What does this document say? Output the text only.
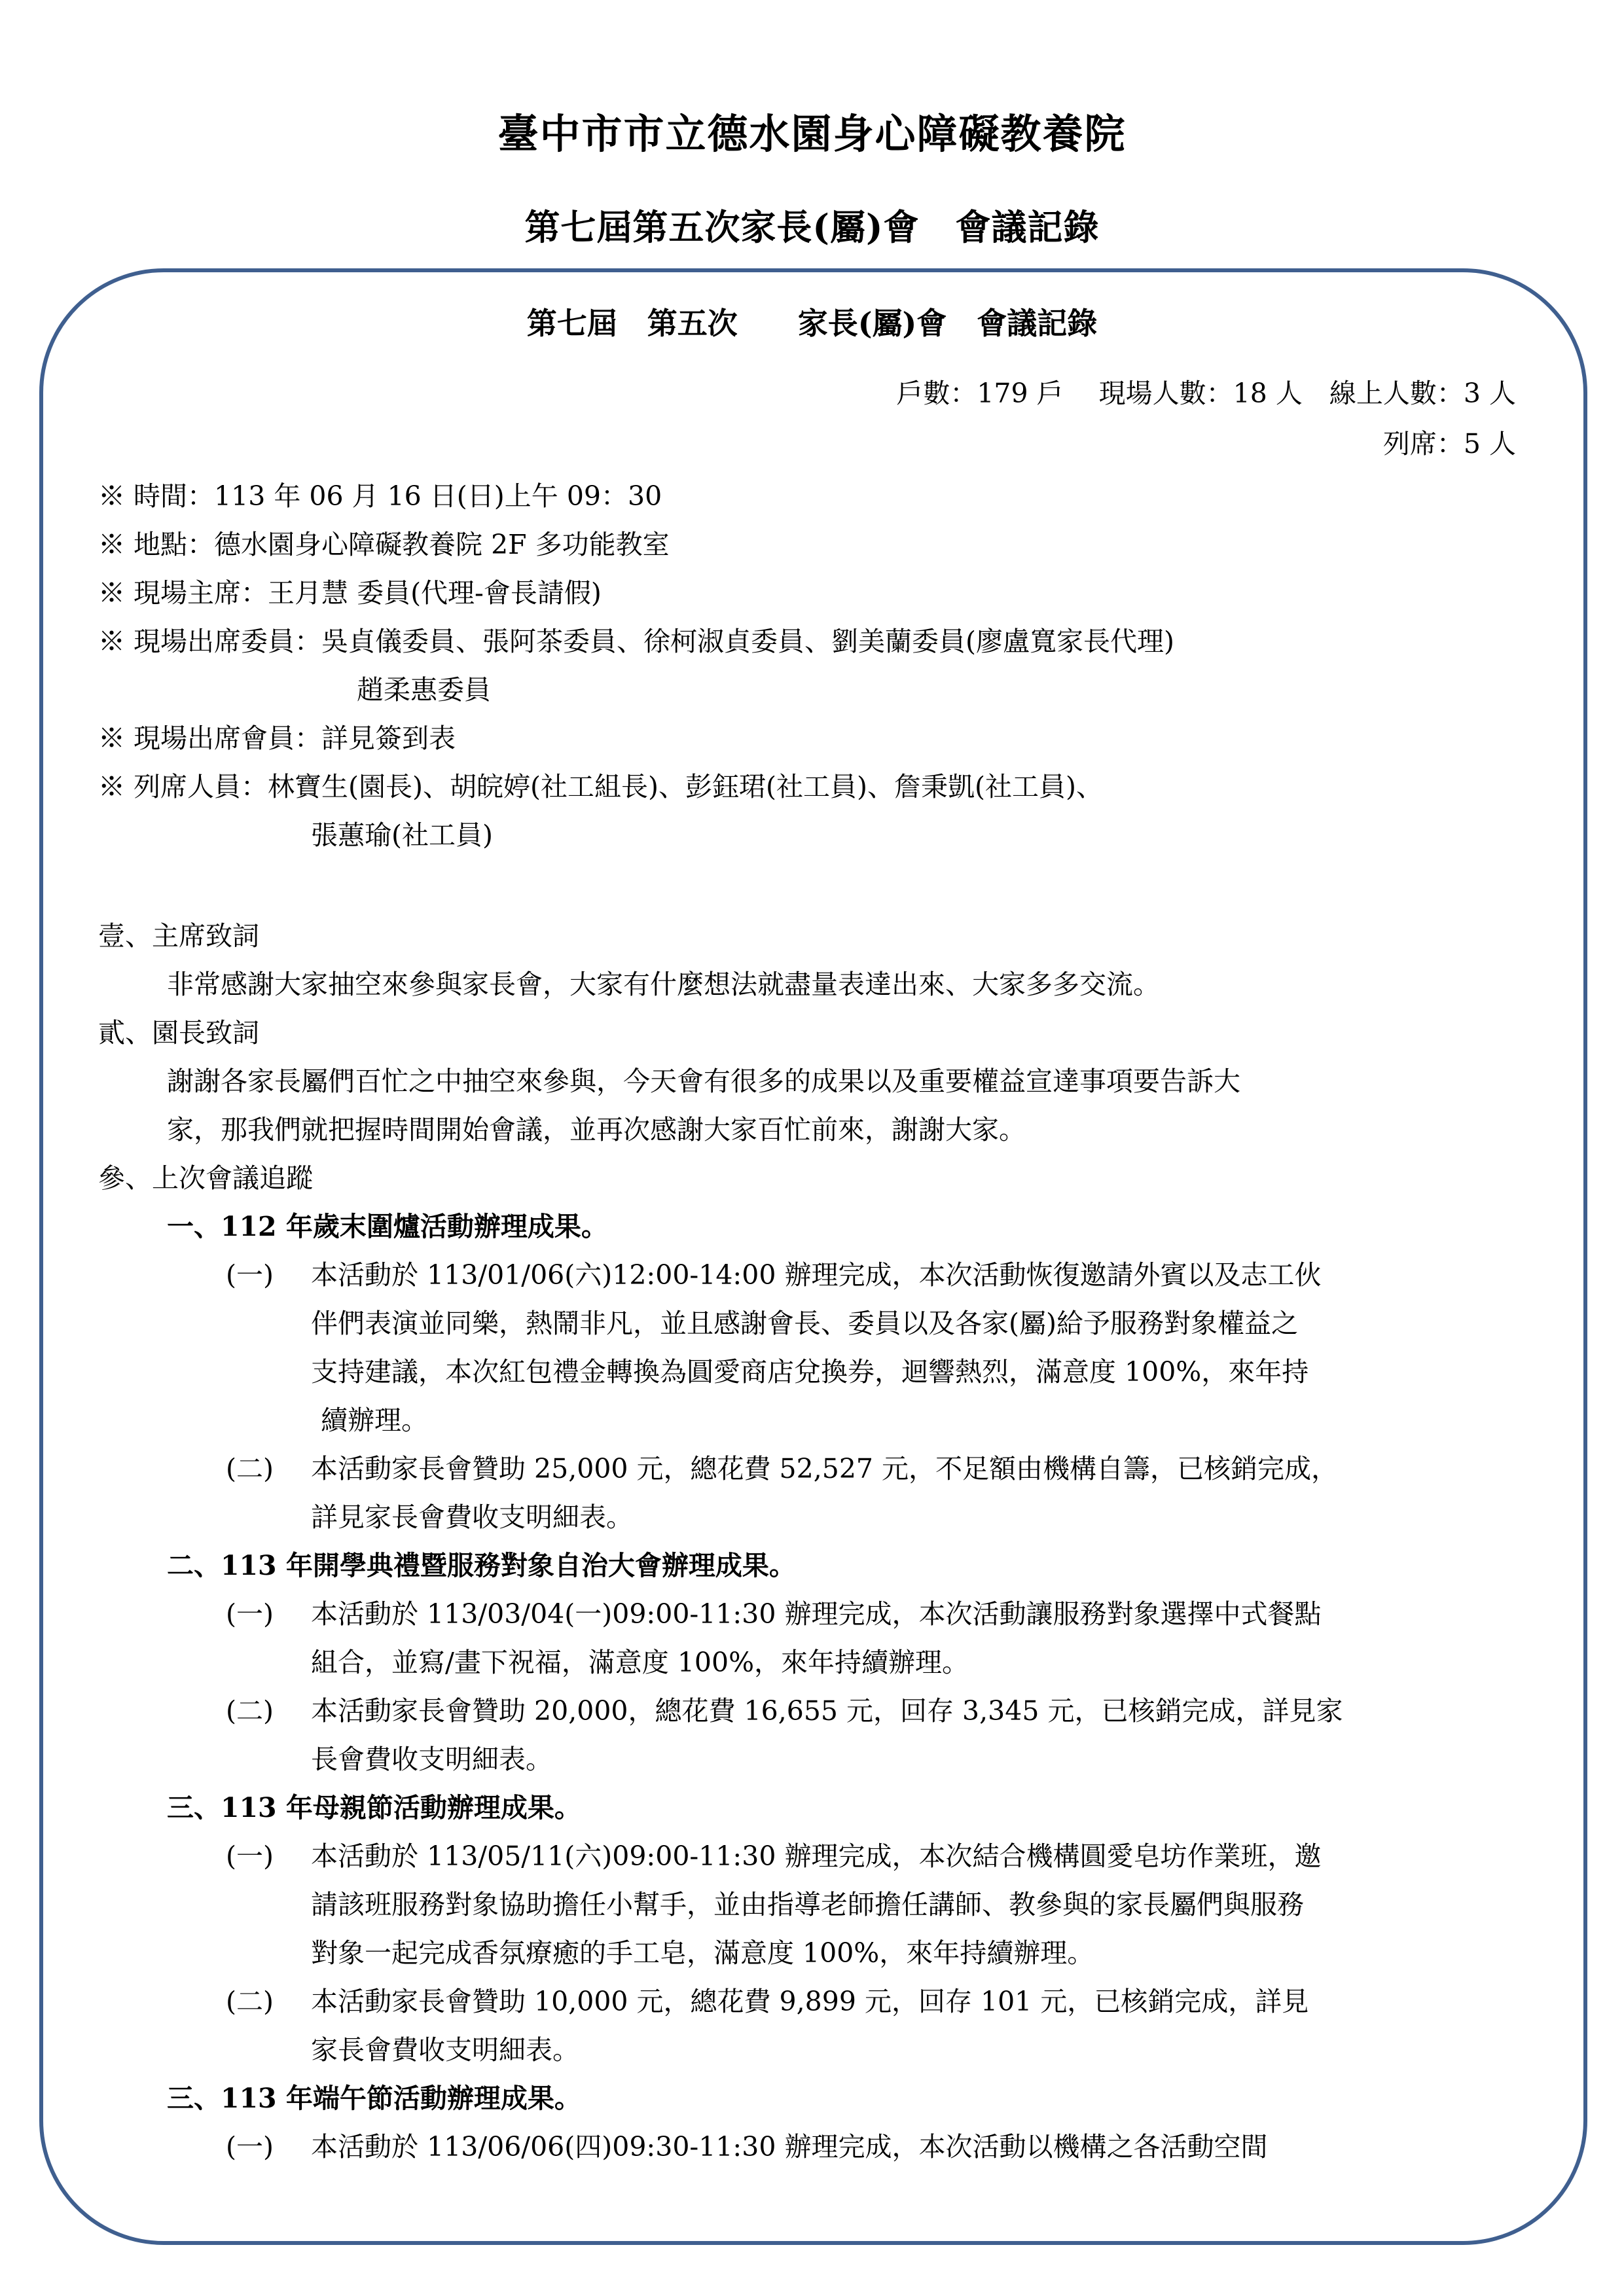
臺中市市立德水園身心障礙教養院
第七屆第五次家長(屬)會　會議記錄
第七屆　第五次　　家長(屬)會　會議記錄
戶數：179 戶　 現場人數：18 人　線上人數：3 人
列席：5 人
※ 時間：113 年 06 月 16 日(日)上午 09：30
※ 地點：德水園身心障礙教養院 2F 多功能教室
※ 現場主席：王月慧 委員(代理-會長請假)
※ 現場出席委員：吳貞儀委員、張阿茶委員、徐柯淑貞委員、劉美蘭委員(廖盧寬家長代理)
趙柔惠委員
※ 現場出席會員：詳見簽到表
※ 列席人員：林寶生(園長)、胡皖婷(社工組長)、彭鈺珺(社工員)、詹秉凱(社工員)、
張蕙瑜(社工員)
壹、主席致詞
非常感謝大家抽空來參與家長會，大家有什麼想法就盡量表達出來、大家多多交流。
貳、園長致詞
謝謝各家長屬們百忙之中抽空來參與，今天會有很多的成果以及重要權益宣達事項要告訴大
家，那我們就把握時間開始會議，並再次感謝大家百忙前來，謝謝大家。
參、上次會議追蹤
一、112 年歲末圍爐活動辦理成果。
(一) 本活動於 113/01/06(六)12:00-14:00 辦理完成，本次活動恢復邀請外賓以及志工伙
伴們表演並同樂，熱鬧非凡，並且感謝會長、委員以及各家(屬)給予服務對象權益之
支持建議，本次紅包禮金轉換為圓愛商店兌換券，迴響熱烈，滿意度 100%，來年持
續辦理。
(二) 本活動家長會贊助 25,000 元，總花費 52,527 元，不足額由機構自籌，已核銷完成，
詳見家長會費收支明細表。
二、113 年開學典禮暨服務對象自治大會辦理成果。
(一) 本活動於 113/03/04(一)09:00-11:30 辦理完成，本次活動讓服務對象選擇中式餐點
組合，並寫/畫下祝福，滿意度 100%，來年持續辦理。
(二) 本活動家長會贊助 20,000，總花費 16,655 元，回存 3,345 元，已核銷完成，詳見家
長會費收支明細表。
三、113 年母親節活動辦理成果。
(一) 本活動於 113/05/11(六)09:00-11:30 辦理完成，本次結合機構圓愛皂坊作業班，邀
請該班服務對象協助擔任小幫手，並由指導老師擔任講師、教參與的家長屬們與服務
對象一起完成香氛療癒的手工皂，滿意度 100%，來年持續辦理。
(二) 本活動家長會贊助 10,000 元，總花費 9,899 元，回存 101 元，已核銷完成，詳見
家長會費收支明細表。
三、113 年端午節活動辦理成果。
(一) 本活動於 113/06/06(四)09:30-11:30 辦理完成，本次活動以機構之各活動空間
